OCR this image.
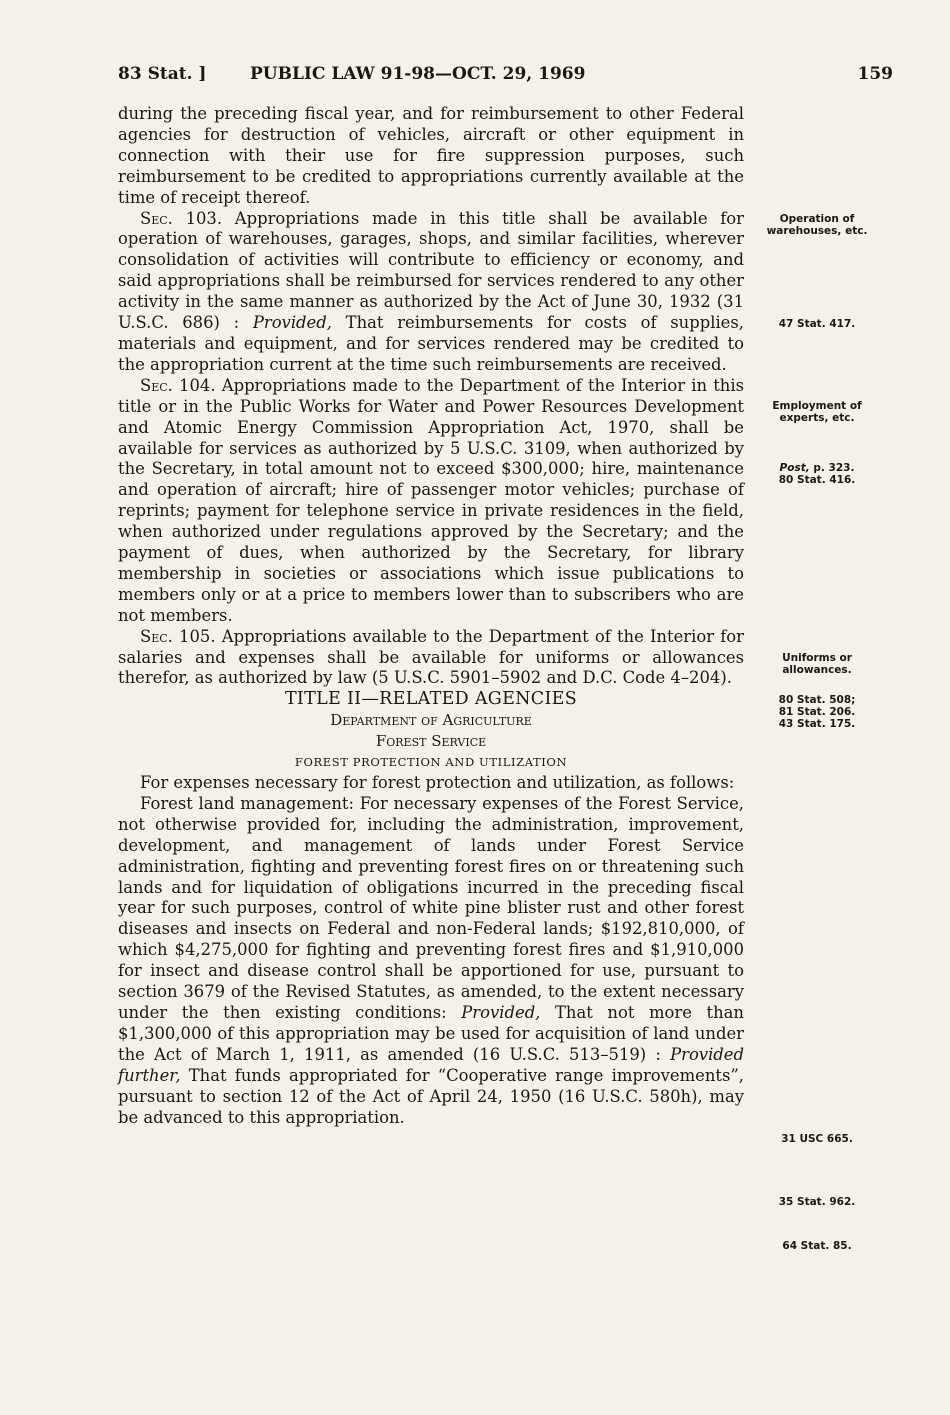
83 Stat. ]	PUBLIC LAW 91-98—OCT. 29, 1969	159

during the preceding fiscal year, and for reimbursement to other Federal agencies for destruction of vehicles, aircraft or other equipment in connection with their use for fire suppression purposes, such reimbursement to be credited to appropriations currently available at the time of receipt thereof.

Sec. 103. Appropriations made in this title shall be available for operation of warehouses, garages, shops, and similar facilities, wherever consolidation of activities will contribute to efficiency or economy, and said appropriations shall be reimbursed for services rendered to any other activity in the same manner as authorized by the Act of June 30, 1932 (31 U.S.C. 686) : Provided, That reimbursements for costs of supplies, materials and equipment, and for services rendered may be credited to the appropriation current at the time such reimbursements are received.

Sec. 104. Appropriations made to the Department of the Interior in this title or in the Public Works for Water and Power Resources Development and Atomic Energy Commission Appropriation Act, 1970, shall be available for services as authorized by 5 U.S.C. 3109, when authorized by the Secretary, in total amount not to exceed $300,000; hire, maintenance and operation of aircraft; hire of passenger motor vehicles; purchase of reprints; payment for telephone service in private residences in the field, when authorized under regulations approved by the Secretary; and the payment of dues, when authorized by the Secretary, for library membership in societies or associations which issue publications to members only or at a price to members lower than to subscribers who are not members.

Sec. 105. Appropriations available to the Department of the Interior for salaries and expenses shall be available for uniforms or allowances therefor, as authorized by law (5 U.S.C. 5901–5902 and D.C. Code 4–204).

TITLE II—RELATED AGENCIES

Department of Agriculture

Forest Service

FOREST PROTECTION AND UTILIZATION

For expenses necessary for forest protection and utilization, as follows:

Forest land management: For necessary expenses of the Forest Service, not otherwise provided for, including the administration, improvement, development, and management of lands under Forest Service administration, fighting and preventing forest fires on or threatening such lands and for liquidation of obligations incurred in the preceding fiscal year for such purposes, control of white pine blister rust and other forest diseases and insects on Federal and non-Federal lands; $192,810,000, of which $4,275,000 for fighting and preventing forest fires and $1,910,000 for insect and disease control shall be apportioned for use, pursuant to section 3679 of the Revised Statutes, as amended, to the extent necessary under the then existing conditions: Provided, That not more than $1,300,000 of this appropriation may be used for acquisition of land under the Act of March 1, 1911, as amended (16 U.S.C. 513–519) : Provided further, That funds appropriated for “Cooperative range improvements”, pursuant to section 12 of the Act of April 24, 1950 (16 U.S.C. 580h), may be advanced to this appropriation.

Operation of
warehouses, etc.
47 Stat. 417.
Employment of
experts, etc.
Post, p. 323.
80 Stat. 416.
Uniforms or
allowances.
80 Stat. 508;
81 Stat. 206.
43 Stat. 175.
31 USC 665.
35 Stat. 962.
64 Stat. 85.
